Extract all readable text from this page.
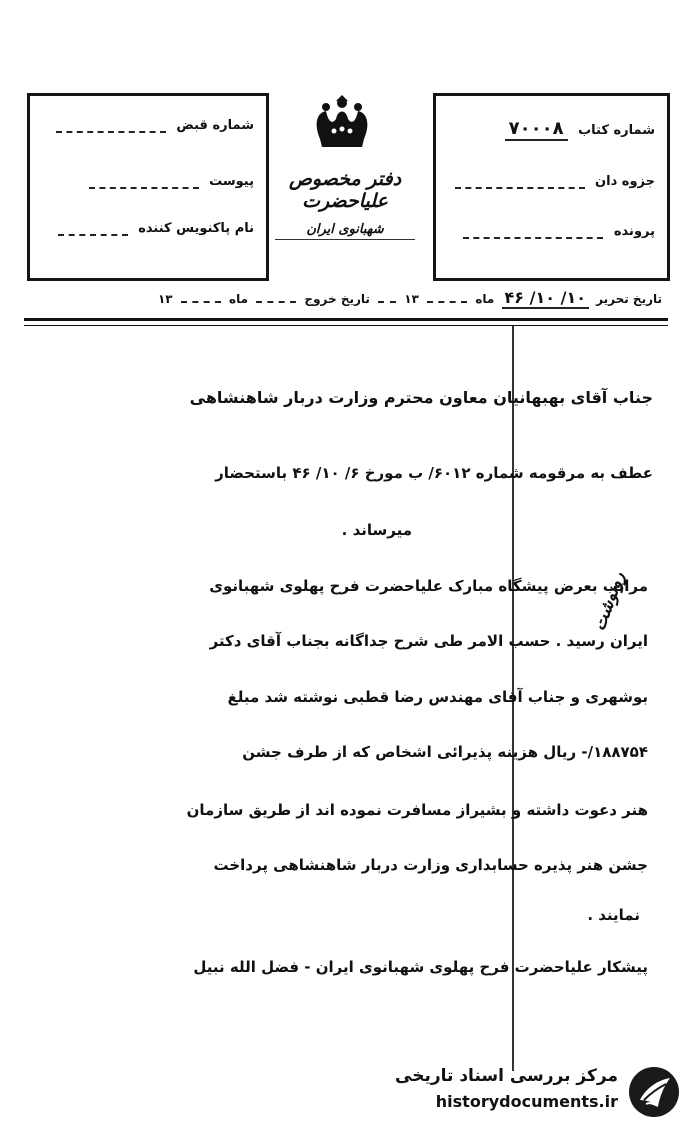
شماره قبض
پیوست
نام پاکنویس کننده
دفتر مخصوص علیاحضرت
شهبانوی ایران
شماره کتاب ۷۰۰۰۸
جزوه دان
پرونده
تاریخ تحریر ۱۰/ ۱۰/ ۴۶ ماه  ۱۳  تاریخ خروج  ماه  ۱۳
جناب آقای بهبهانیان معاون محترم وزارت دربار شاهنشاهی
عطف به مرقومه شماره ۶۰۱۲/ ب مورخ ۶/ ۱۰/ ۴۶ باستحضار
میرساند .
مراتب بعرض پیشگاه مبارک علیاحضرت فرح پهلوی شهبانوی
ایران رسید . حسب الامر طی شرح جداگانه بجناب آقای دکتر
بوشهری و جناب آقای مهندس رضا قطبی نوشته شد مبلغ
۱۸۸۷۵۴/- ریال هزینه پذیرائی اشخاص که از طرف جشن
هنر دعوت داشته و بشیراز مسافرت نموده اند از طریق سازمان
جشن هنر پذیره حسابداری وزارت دربار شاهنشاهی پرداخت
نمایند .
پیشکار علیاحضرت فرح پهلوی شهبانوی ایران - فضل الله نبیل
رونوشت
مرکز بررسی اسناد تاریخی
historydocuments.ir
